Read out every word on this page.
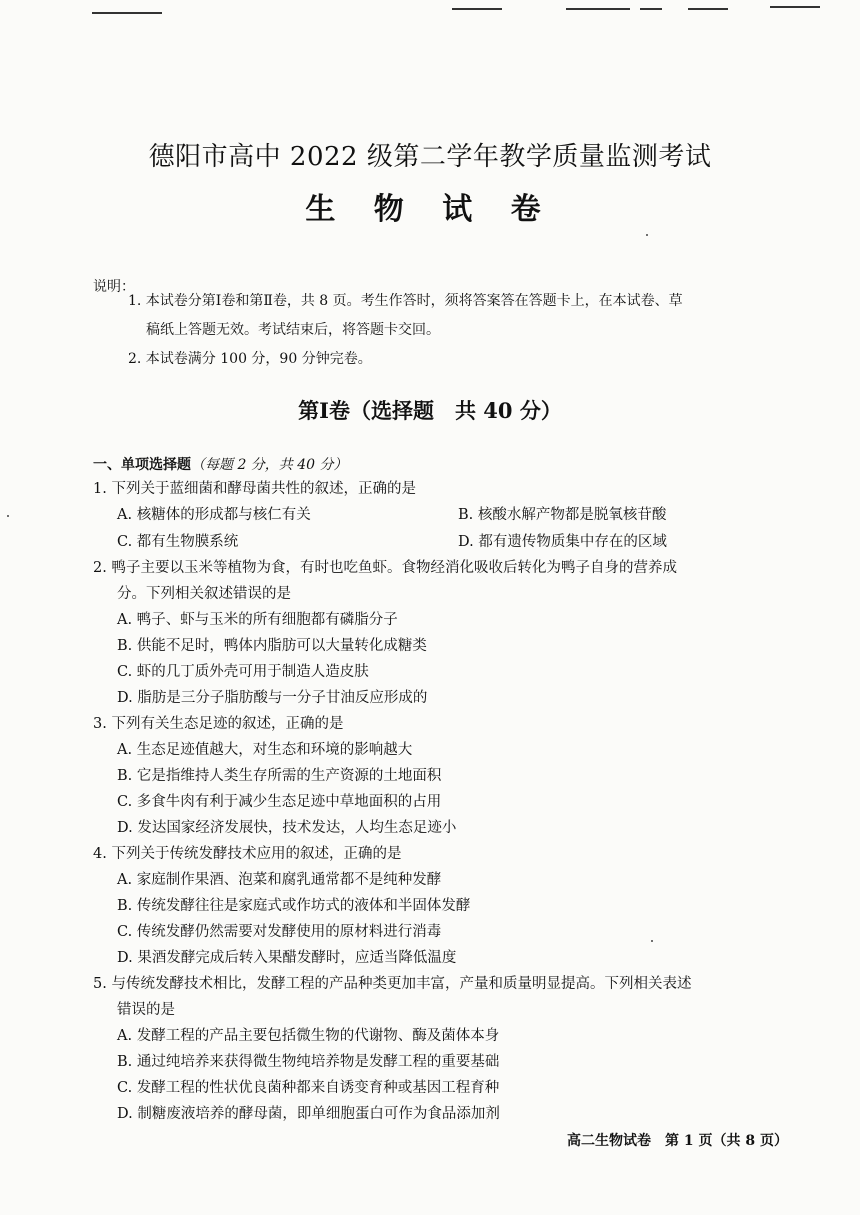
德阳市高中 2022 级第二学年教学质量监测考试
生 物 试 卷
说明：
1. 本试卷分第Ⅰ卷和第Ⅱ卷，共 8 页。考生作答时，须将答案答在答题卡上，在本试卷、草
稿纸上答题无效。考试结束后，将答题卡交回。
2. 本试卷满分 100 分，90 分钟完卷。
第Ⅰ卷（选择题　共 40 分）
一、单项选择题（每题 2 分，共 40 分）
1. 下列关于蓝细菌和酵母菌共性的叙述，正确的是
A. 核糖体的形成都与核仁有关	B. 核酸水解产物都是脱氧核苷酸
C. 都有生物膜系统	D. 都有遗传物质集中存在的区域
2. 鸭子主要以玉米等植物为食，有时也吃鱼虾。食物经消化吸收后转化为鸭子自身的营养成
分。下列相关叙述错误的是
A. 鸭子、虾与玉米的所有细胞都有磷脂分子
B. 供能不足时，鸭体内脂肪可以大量转化成糖类
C. 虾的几丁质外壳可用于制造人造皮肤
D. 脂肪是三分子脂肪酸与一分子甘油反应形成的
3. 下列有关生态足迹的叙述，正确的是
A. 生态足迹值越大，对生态和环境的影响越大
B. 它是指维持人类生存所需的生产资源的土地面积
C. 多食牛肉有利于减少生态足迹中草地面积的占用
D. 发达国家经济发展快，技术发达，人均生态足迹小
4. 下列关于传统发酵技术应用的叙述，正确的是
A. 家庭制作果酒、泡菜和腐乳通常都不是纯种发酵
B. 传统发酵往往是家庭式或作坊式的液体和半固体发酵
C. 传统发酵仍然需要对发酵使用的原材料进行消毒
D. 果酒发酵完成后转入果醋发酵时，应适当降低温度
5. 与传统发酵技术相比，发酵工程的产品种类更加丰富，产量和质量明显提高。下列相关表述
错误的是
A. 发酵工程的产品主要包括微生物的代谢物、酶及菌体本身
B. 通过纯培养来获得微生物纯培养物是发酵工程的重要基础
C. 发酵工程的性状优良菌种都来自诱变育种或基因工程育种
D. 制糖废液培养的酵母菌，即单细胞蛋白可作为食品添加剂
高二生物试卷　第 1 页（共 8 页）
